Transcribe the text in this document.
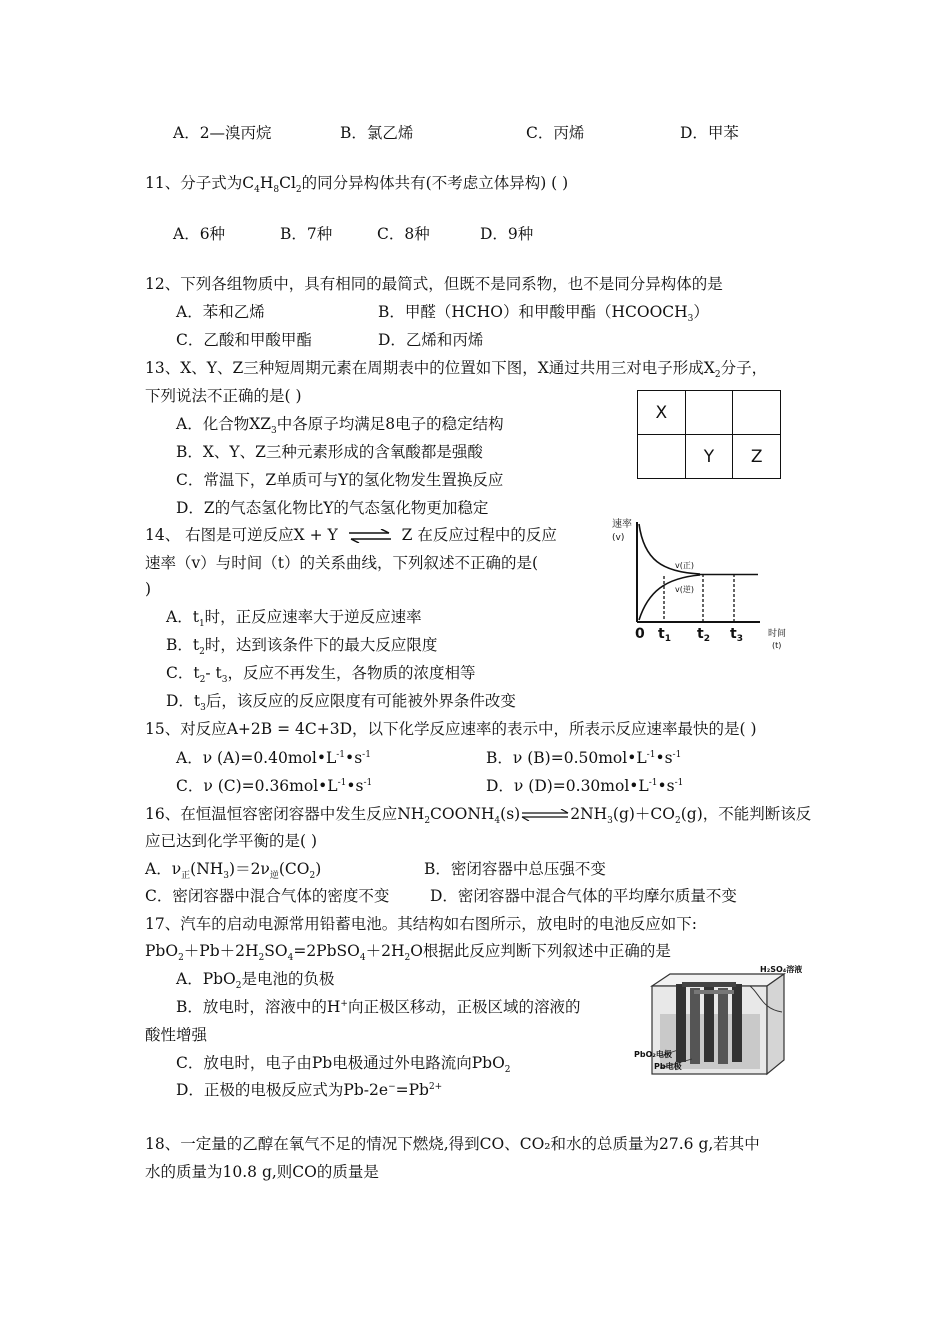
A．2—溴丙烷	B．氯乙烯	C．丙烯	D．甲苯
11、分子式为$C_4H_8Cl_2$的同分异构体共有(不考虑立体异构) ( )
A．6种	B．7种	C．8种	D．9种
12、下列各组物质中，具有相同的最简式，但既不是同系物，也不是同分异构体的是
A．苯和乙烯	B．甲醛（HCHO）和甲酸甲酯$(HCOOCH_3)$
C．乙酸和甲酸甲酯	D．乙烯和丙烯
13、X、Y、Z三种短周期元素在周期表中的位置如下图，X通过共用三对电子形成$X_2$分子，
下列说法不正确的是( )
A．化合物$XZ_3$中各原子均满足8电子的稳定结构
B．X、Y、Z三种元素形成的含氧酸都是强酸
C．常温下，Z单质可与Y的氢化物发生置换反应
D．Z的气态氢化物比Y的气态氢化物更加稳定
X		
	Y	Z
14、 右图是可逆反应X + Y ⇌ Z 在反应过程中的反应
速率（v）与时间（t）的关系曲线，下列叙述不正确的是(
)
A．$t_1$时，正反应速率大于逆反应速率
B．$t_2$时，达到该条件下的最大反应限度
C．$t_2-$ $t_3$，反应不再发生，各物质的浓度相等
D．$t_3$后，该反应的反应限度有可能被外界条件改变
速率
(v)
v(正)
v(逆)
0 $t_1$ $t_2$ $t_3$	时间
(t)
15、对反应A+2B = 4C+3D，以下化学反应速率的表示中，所表示反应速率最快的是( )
A．ν $(A)=0.40mol•L^{-1}•s^{-1}$	B．ν $(B)=0.50mol•L^{-1}•s^{-1}$
C．ν $(C)=0.36mol•L^{-1}•s^{-1}$	D．ν $(D)=0.30mol•L^{-1}•s^{-1}$
16、在恒温恒容密闭容器中发生反应$NH_2COONH_4(s)\rightleftharpoons 2NH_3(g)+CO_2(g)$，不能判断该反
应已达到化学平衡的是( )
A．$\nu_正(NH_3)=2\nu_逆(CO_2)$	B．密闭容器中总压强不变
C．密闭容器中混合气体的密度不变	D．密闭容器中混合气体的平均摩尔质量不变
17、汽车的启动电源常用铅蓄电池。其结构如右图所示，放电时的电池反应如下:
$PbO_2+Pb+2H_2SO_4=2PbSO_4+2H_2O$根据此反应判断下列叙述中正确的是
A．PbO$_2$是电池的负极
B．放电时，溶液中的H+向正极区移动，正极区域的溶液的
酸性增强
C．放电时，电子由Pb电极通过外电路流向PbO$_2$
D．正极的电极反应式为$Pb-2e^-=Pb^{2+}$
H₂SO₄溶液
PbO₂电极
Pb电极
18、一定量的乙醇在氧气不足的情况下燃烧,得到CO、CO₂和水的总质量为27.6 g,若其中
水的质量为10.8 g,则CO的质量是
